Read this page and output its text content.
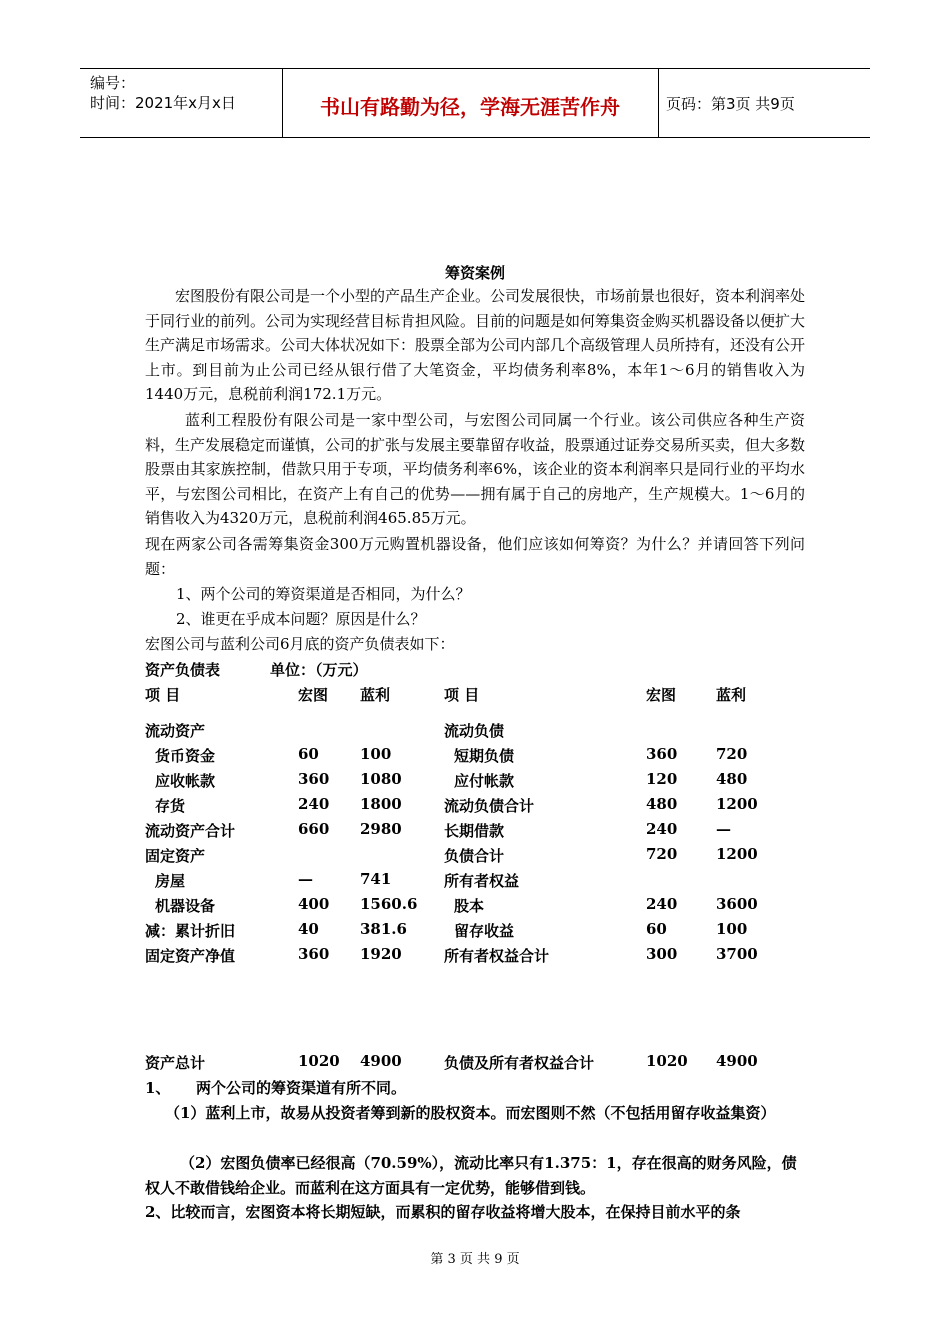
编号：
时间：2021年x月x日	书山有路勤为径，学海无涯苦作舟	页码：第3页 共9页
筹资案例
宏图股份有限公司是一个小型的产品生产企业。公司发展很快，市场前景也很好，资本利润率处于同行业的前列。公司为实现经营目标肯担风险。目前的问题是如何筹集资金购买机器设备以便扩大生产满足市场需求。公司大体状况如下：股票全部为公司内部几个高级管理人员所持有，还没有公开上市。到目前为止公司已经从银行借了大笔资金，平均债务利率8%，本年1～6月的销售收入为1440万元，息税前利润172.1万元。
蓝利工程股份有限公司是一家中型公司，与宏图公司同属一个行业。该公司供应各种生产资料，生产发展稳定而谨慎，公司的扩张与发展主要靠留存收益，股票通过证券交易所买卖，但大多数股票由其家族控制，借款只用于专项，平均债务利率6%，该企业的资本利润率只是同行业的平均水平，与宏图公司相比，在资产上有自己的优势——拥有属于自己的房地产，生产规模大。1～6月的销售收入为4320万元，息税前利润465.85万元。
现在两家公司各需筹集资金300万元购置机器设备，他们应该如何筹资？为什么？并请回答下列问题：
1、两个公司的筹资渠道是否相同，为什么？
2、谁更在乎成本问题？原因是什么？
宏图公司与蓝利公司6月底的资产负债表如下：
资产负债表	单位：（万元）
项 目	宏图 蓝利	项 目	宏图	蓝利
流动资产	流动负债
货币资金	60	100	短期负债	360	720
应收帐款	360 1080	应付帐款	120	480
存货	240 1800	流动负债合计	480	1200
流动资产合计	660 2980	长期借款	240	—
固定资产	负债合计	720	1200
房屋	—	741	所有者权益
机器设备	400 1560.6 股本	240	3600
减：累计折旧	40	381.6	留存收益	60	100
固定资产净值	360 1920	所有者权益合计	300	3700
资产总计	1020 4900	负债及所有者权益合计	1020 4900
1、 两个公司的筹资渠道有所不同。
（1）蓝利上市，故易从投资者筹到新的股权资本。而宏图则不然（不包括用留存收益集资）
（2）宏图负债率已经很高（70.59%），流动比率只有1.375：1，存在很高的财务风险，债权人不敢借钱给企业。而蓝利在这方面具有一定优势，能够借到钱。
2、比较而言，宏图资本将长期短缺，而累积的留存收益将增大股本，在保持目前水平的条
第 3 页 共 9 页
